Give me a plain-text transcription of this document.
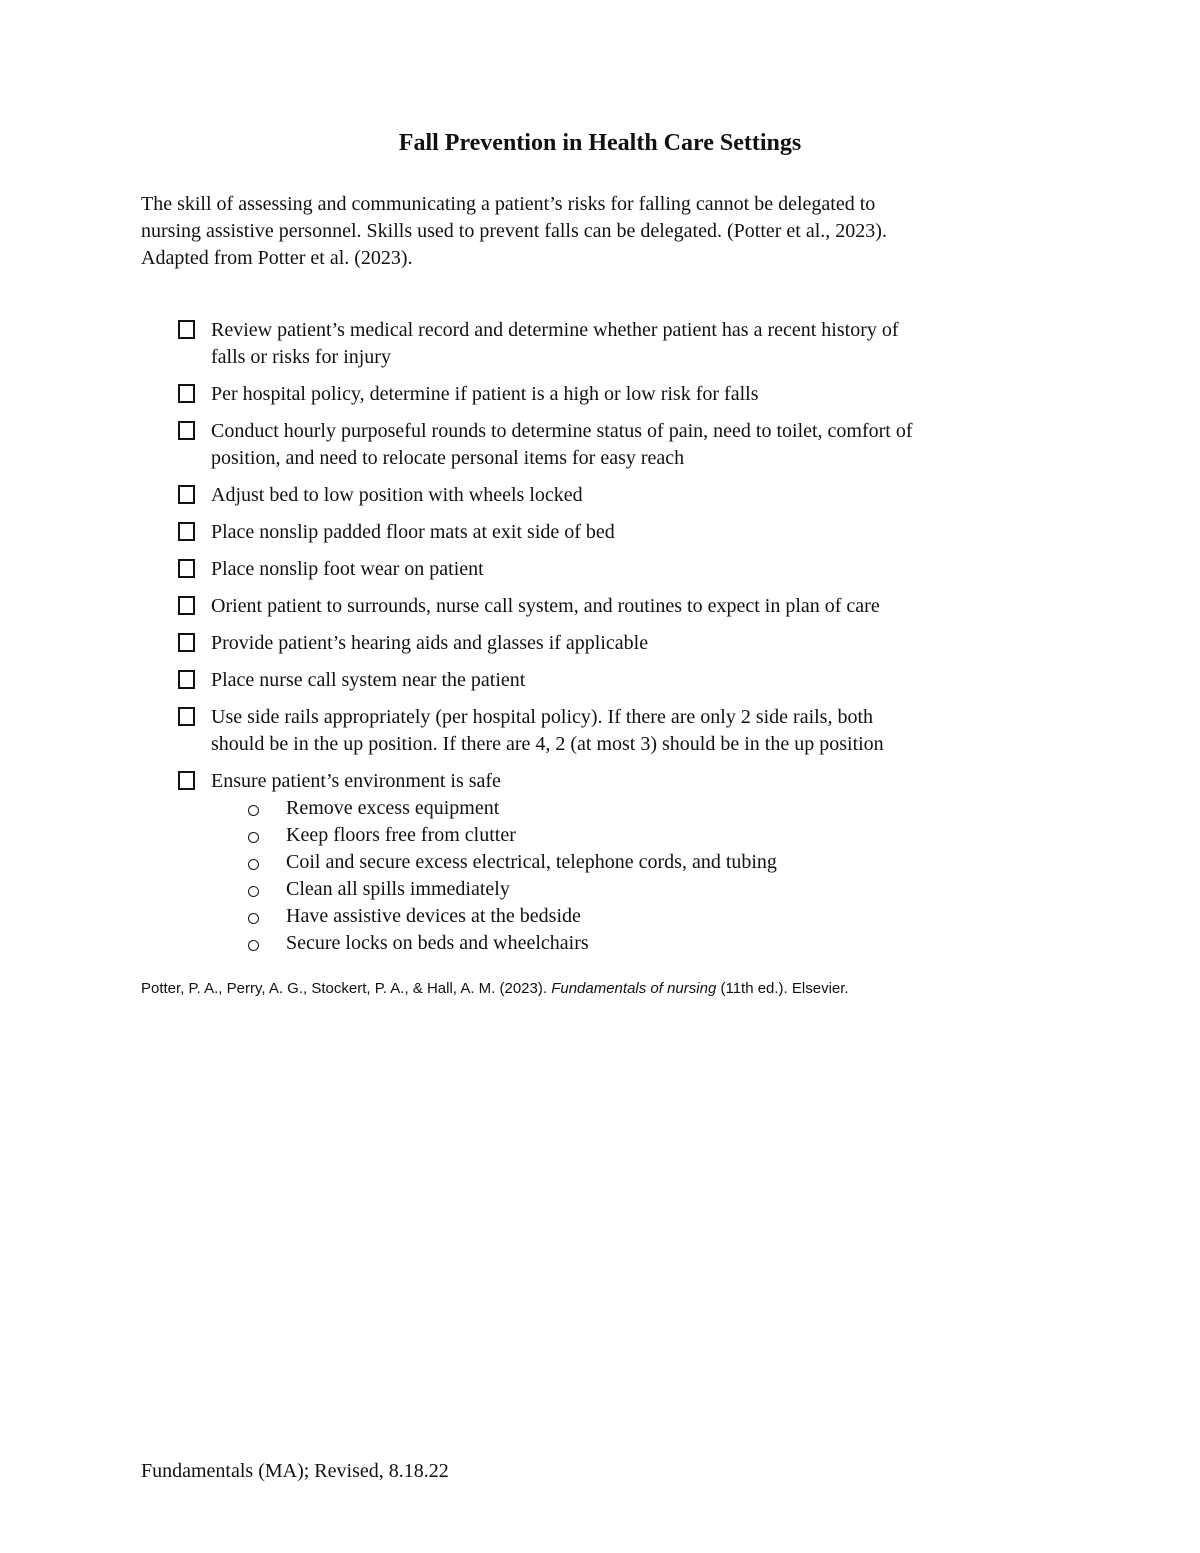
Fall Prevention in Health Care Settings
The skill of assessing and communicating a patient’s risks for falling cannot be delegated to
nursing assistive personnel. Skills used to prevent falls can be delegated. (Potter et al., 2023).
Adapted from Potter et al. (2023).
Review patient’s medical record and determine whether patient has a recent history of
falls or risks for injury
Per hospital policy, determine if patient is a high or low risk for falls
Conduct hourly purposeful rounds to determine status of pain, need to toilet, comfort of
position, and need to relocate personal items for easy reach
Adjust bed to low position with wheels locked
Place nonslip padded floor mats at exit side of bed
Place nonslip foot wear on patient
Orient patient to surrounds, nurse call system, and routines to expect in plan of care
Provide patient’s hearing aids and glasses if applicable
Place nurse call system near the patient
Use side rails appropriately (per hospital policy). If there are only 2 side rails, both
should be in the up position. If there are 4, 2 (at most 3) should be in the up position
Ensure patient’s environment is safe
Remove excess equipment
Keep floors free from clutter
Coil and secure excess electrical, telephone cords, and tubing
Clean all spills immediately
Have assistive devices at the bedside
Secure locks on beds and wheelchairs
Potter, P. A., Perry, A. G., Stockert, P. A., & Hall, A. M. (2023). Fundamentals of nursing (11th ed.). Elsevier.
Fundamentals (MA); Revised, 8.18.22
